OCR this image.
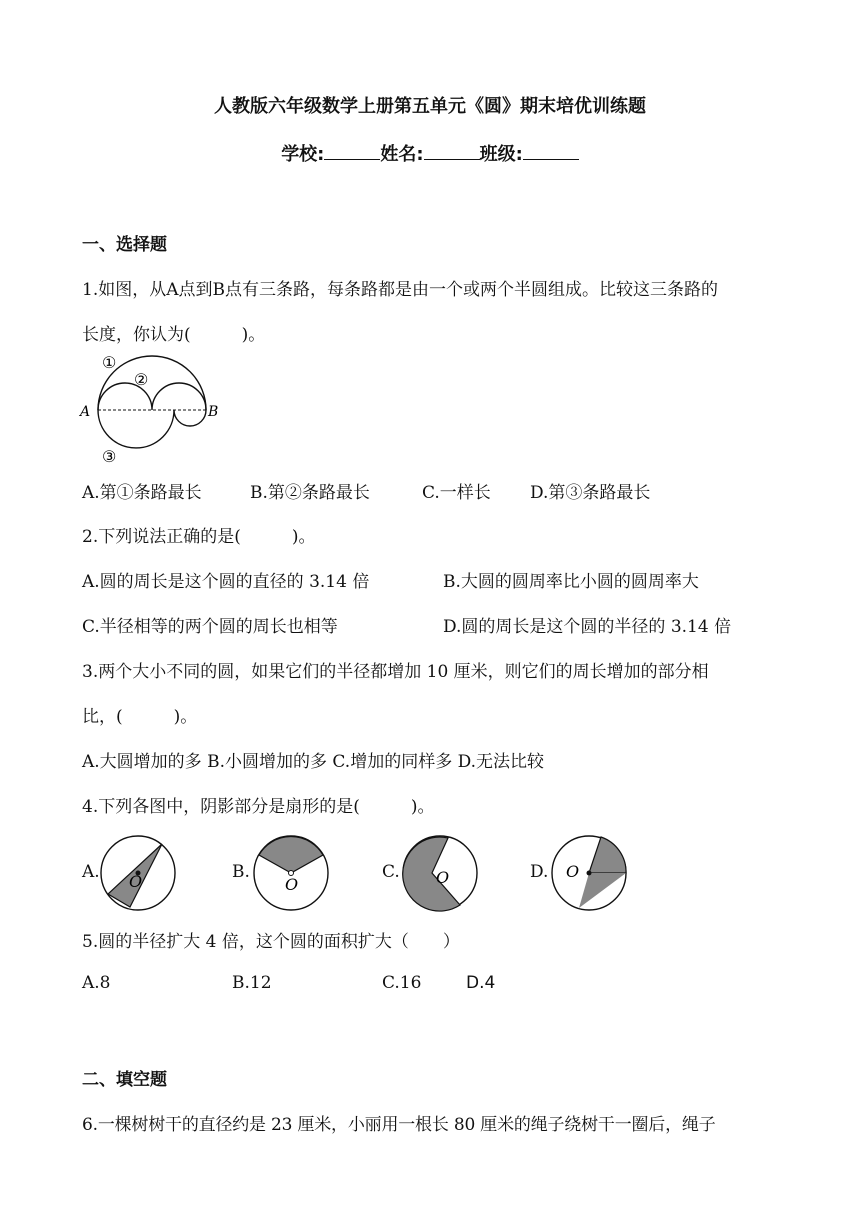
人教版六年级数学上册第五单元《圆》期末培优训练题
学校:	姓名:	班级:
一、选择题
1.如图，从A点到B点有三条路，每条路都是由一个或两个半圆组成。比较这三条路的
长度，你认为(　　　)。
A	B
①
②
③
A.第①条路最长	B.第②条路最长	C.一样长 D.第③条路最长
2.下列说法正确的是(　　　)。
A.圆的周长是这个圆的直径的 3.14 倍	B.大圆的圆周率比小圆的圆周率大
C.半径相等的两个圆的周长也相等	D.圆的周长是这个圆的半径的 3.14 倍
3.两个大小不同的圆，如果它们的半径都增加 10 厘米，则它们的周长增加的部分相
比，(　　　)。
A.大圆增加的多 B.小圆增加的多 C.增加的同样多 D.无法比较
4.下列各图中，阴影部分是扇形的是(　　　)。
A. O	B.
O
C. O	D. O
5.圆的半径扩大 4 倍，这个圆的面积扩大（　　）
A.8	B.12	C.16	D.4
二、填空题
6.一棵树树干的直径约是 23 厘米，小丽用一根长 80 厘米的绳子绕树干一圈后，绳子
